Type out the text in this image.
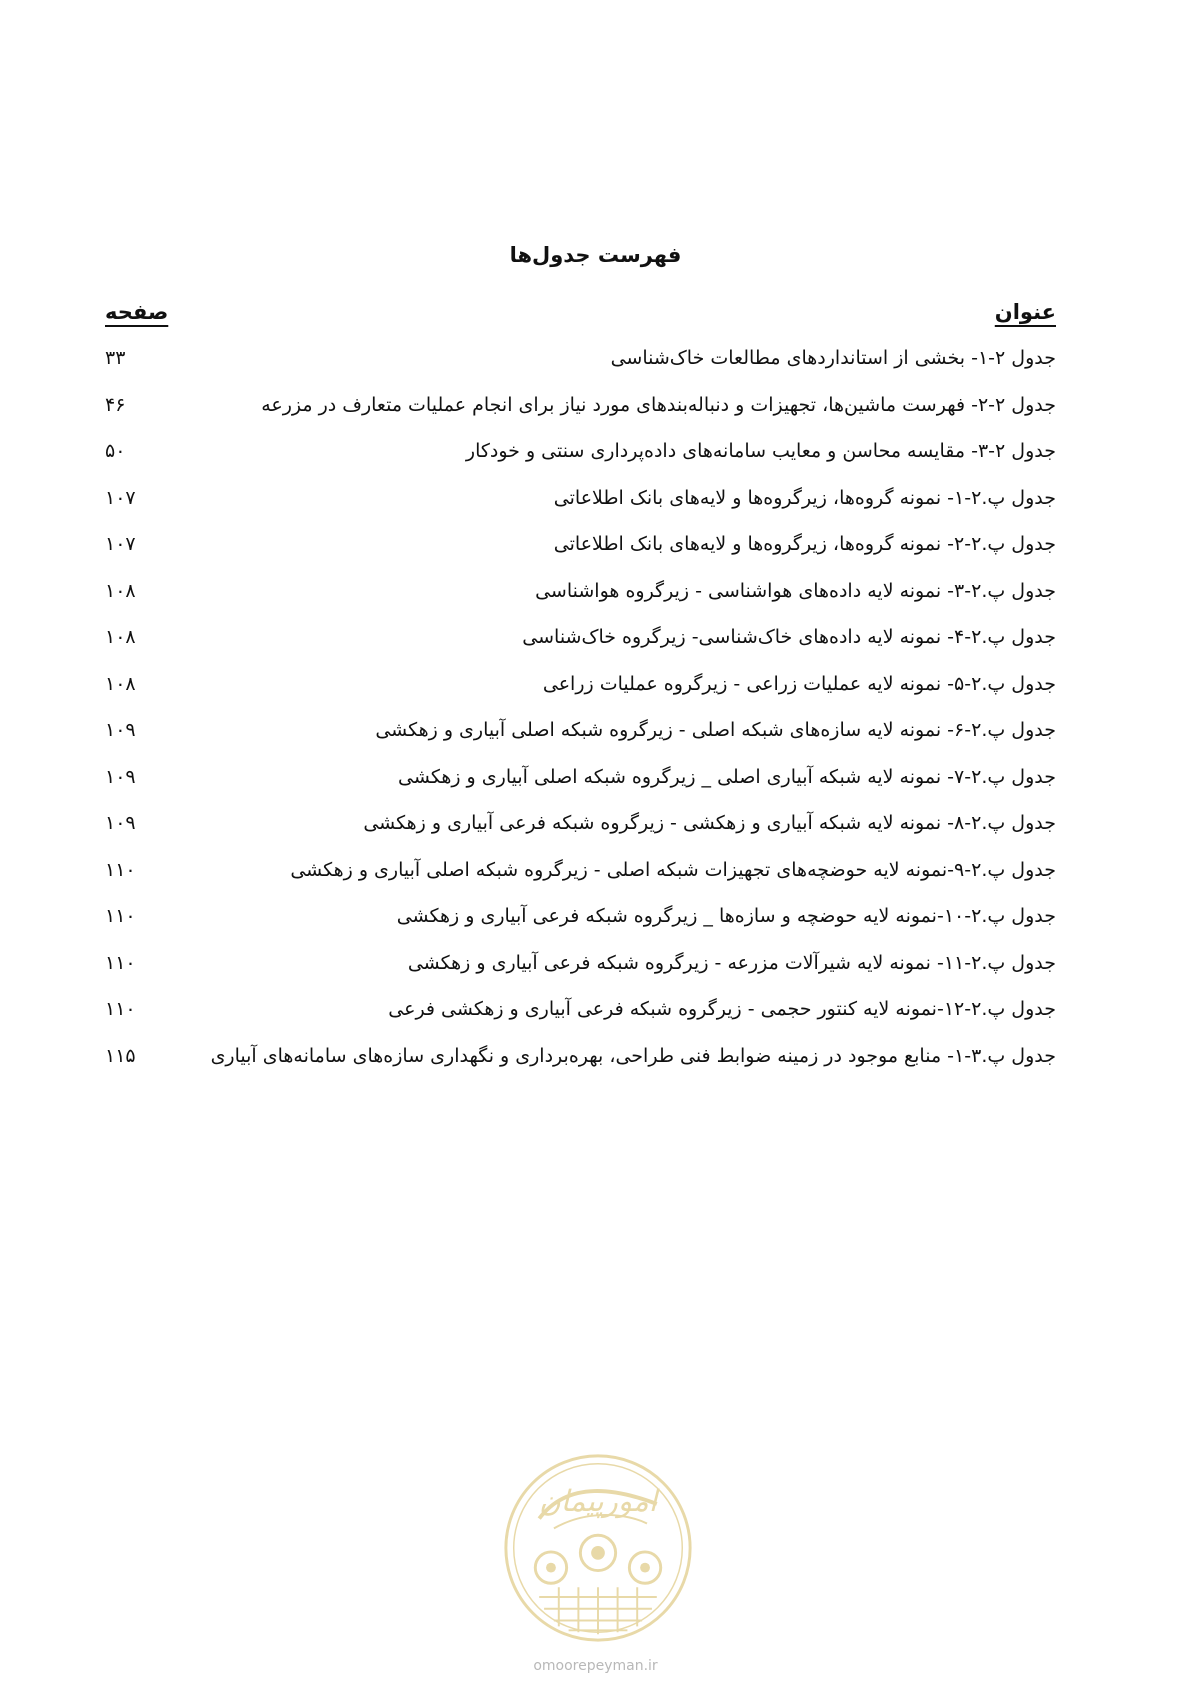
فهرست جدول‌ها
عنوان
صفحه
جدول ۲-۱- بخشی از استانداردهای مطالعات خاک‌شناسی
۳۳
جدول ۲-۲- فهرست ماشین‌ها، تجهیزات و دنباله‌بندهای مورد نیاز برای انجام عملیات متعارف در مزرعه
۴۶
جدول ۲-۳- مقایسه محاسن و معایب سامانه‌های داده‌پرداری سنتی و خودکار
۵۰
جدول پ.۲-۱- نمونه گروه‌ها، زیرگروه‌ها و لایه‌های بانک اطلاعاتی
۱۰۷
جدول پ.۲-۲- نمونه گروه‌ها، زیرگروه‌ها و لایه‌های بانک اطلاعاتی
۱۰۷
جدول پ.۲-۳- نمونه لایه داده‌های هواشناسی - زیرگروه هواشناسی
۱۰۸
جدول پ.۲-۴- نمونه لایه داده‌های خاک‌شناسی- زیرگروه خاک‌شناسی
۱۰۸
جدول پ.۲-۵- نمونه لایه عملیات زراعی - زیرگروه عملیات زراعی
۱۰۸
جدول پ.۲-۶- نمونه لایه سازه‌های شبکه اصلی - زیرگروه شبکه اصلی آبیاری و زهکشی
۱۰۹
جدول پ.۲-۷- نمونه لایه شبکه آبیاری اصلی _ زیرگروه شبکه اصلی آبیاری و زهکشی
۱۰۹
جدول پ.۲-۸- نمونه لایه شبکه آبیاری و زهکشی - زیرگروه شبکه فرعی آبیاری و زهکشی
۱۰۹
جدول پ.۲-۹-نمونه لایه حوضچه‌های تجهیزات شبکه اصلی - زیرگروه شبکه اصلی آبیاری و زهکشی
۱۱۰
جدول پ.۲-۱۰-نمونه لایه حوضچه و سازه‌ها _ زیرگروه شبکه فرعی آبیاری و زهکشی
۱۱۰
جدول پ.۲-۱۱- نمونه لایه شیرآلات مزرعه - زیرگروه شبکه فرعی آبیاری و زهکشی
۱۱۰
جدول پ.۲-۱۲-نمونه لایه کنتور حجمی - زیرگروه شبکه فرعی آبیاری و زهکشی فرعی
۱۱۰
جدول پ.۳-۱- منابع موجود در زمینه ضوابط فنی طراحی، بهره‌برداری و نگهداری سازه‌های سامانه‌های آبیاری
۱۱۵
امورپیمان
omoorepeyman.ir
